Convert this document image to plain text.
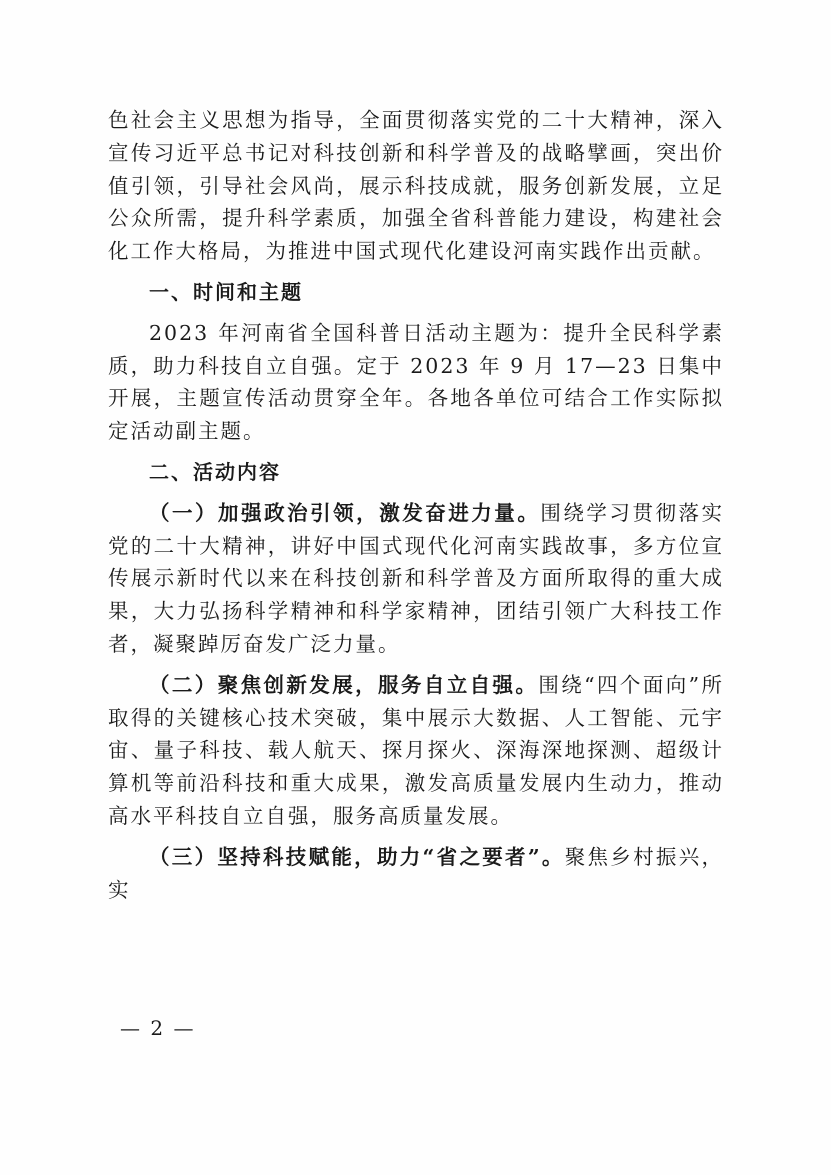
色社会主义思想为指导，全面贯彻落实党的二十大精神，深入宣传习近平总书记对科技创新和科学普及的战略擘画，突出价值引领，引导社会风尚，展示科技成就，服务创新发展，立足公众所需，提升科学素质，加强全省科普能力建设，构建社会化工作大格局，为推进中国式现代化建设河南实践作出贡献。

一、时间和主题

2023 年河南省全国科普日活动主题为：提升全民科学素质，助力科技自立自强。定于 2023 年 9 月 17—23 日集中开展，主题宣传活动贯穿全年。各地各单位可结合工作实际拟定活动副主题。

二、活动内容

（一）加强政治引领，激发奋进力量。围绕学习贯彻落实党的二十大精神，讲好中国式现代化河南实践故事，多方位宣传展示新时代以来在科技创新和科学普及方面所取得的重大成果，大力弘扬科学精神和科学家精神，团结引领广大科技工作者，凝聚踔厉奋发广泛力量。

（二）聚焦创新发展，服务自立自强。围绕“四个面向”所取得的关键核心技术突破，集中展示大数据、人工智能、元宇宙、量子科技、载人航天、探月探火、深海深地探测、超级计算机等前沿科技和重大成果，激发高质量发展内生动力，推动高水平科技自立自强，服务高质量发展。

（三）坚持科技赋能，助力“省之要者”。聚焦乡村振兴，实

— 2 —
